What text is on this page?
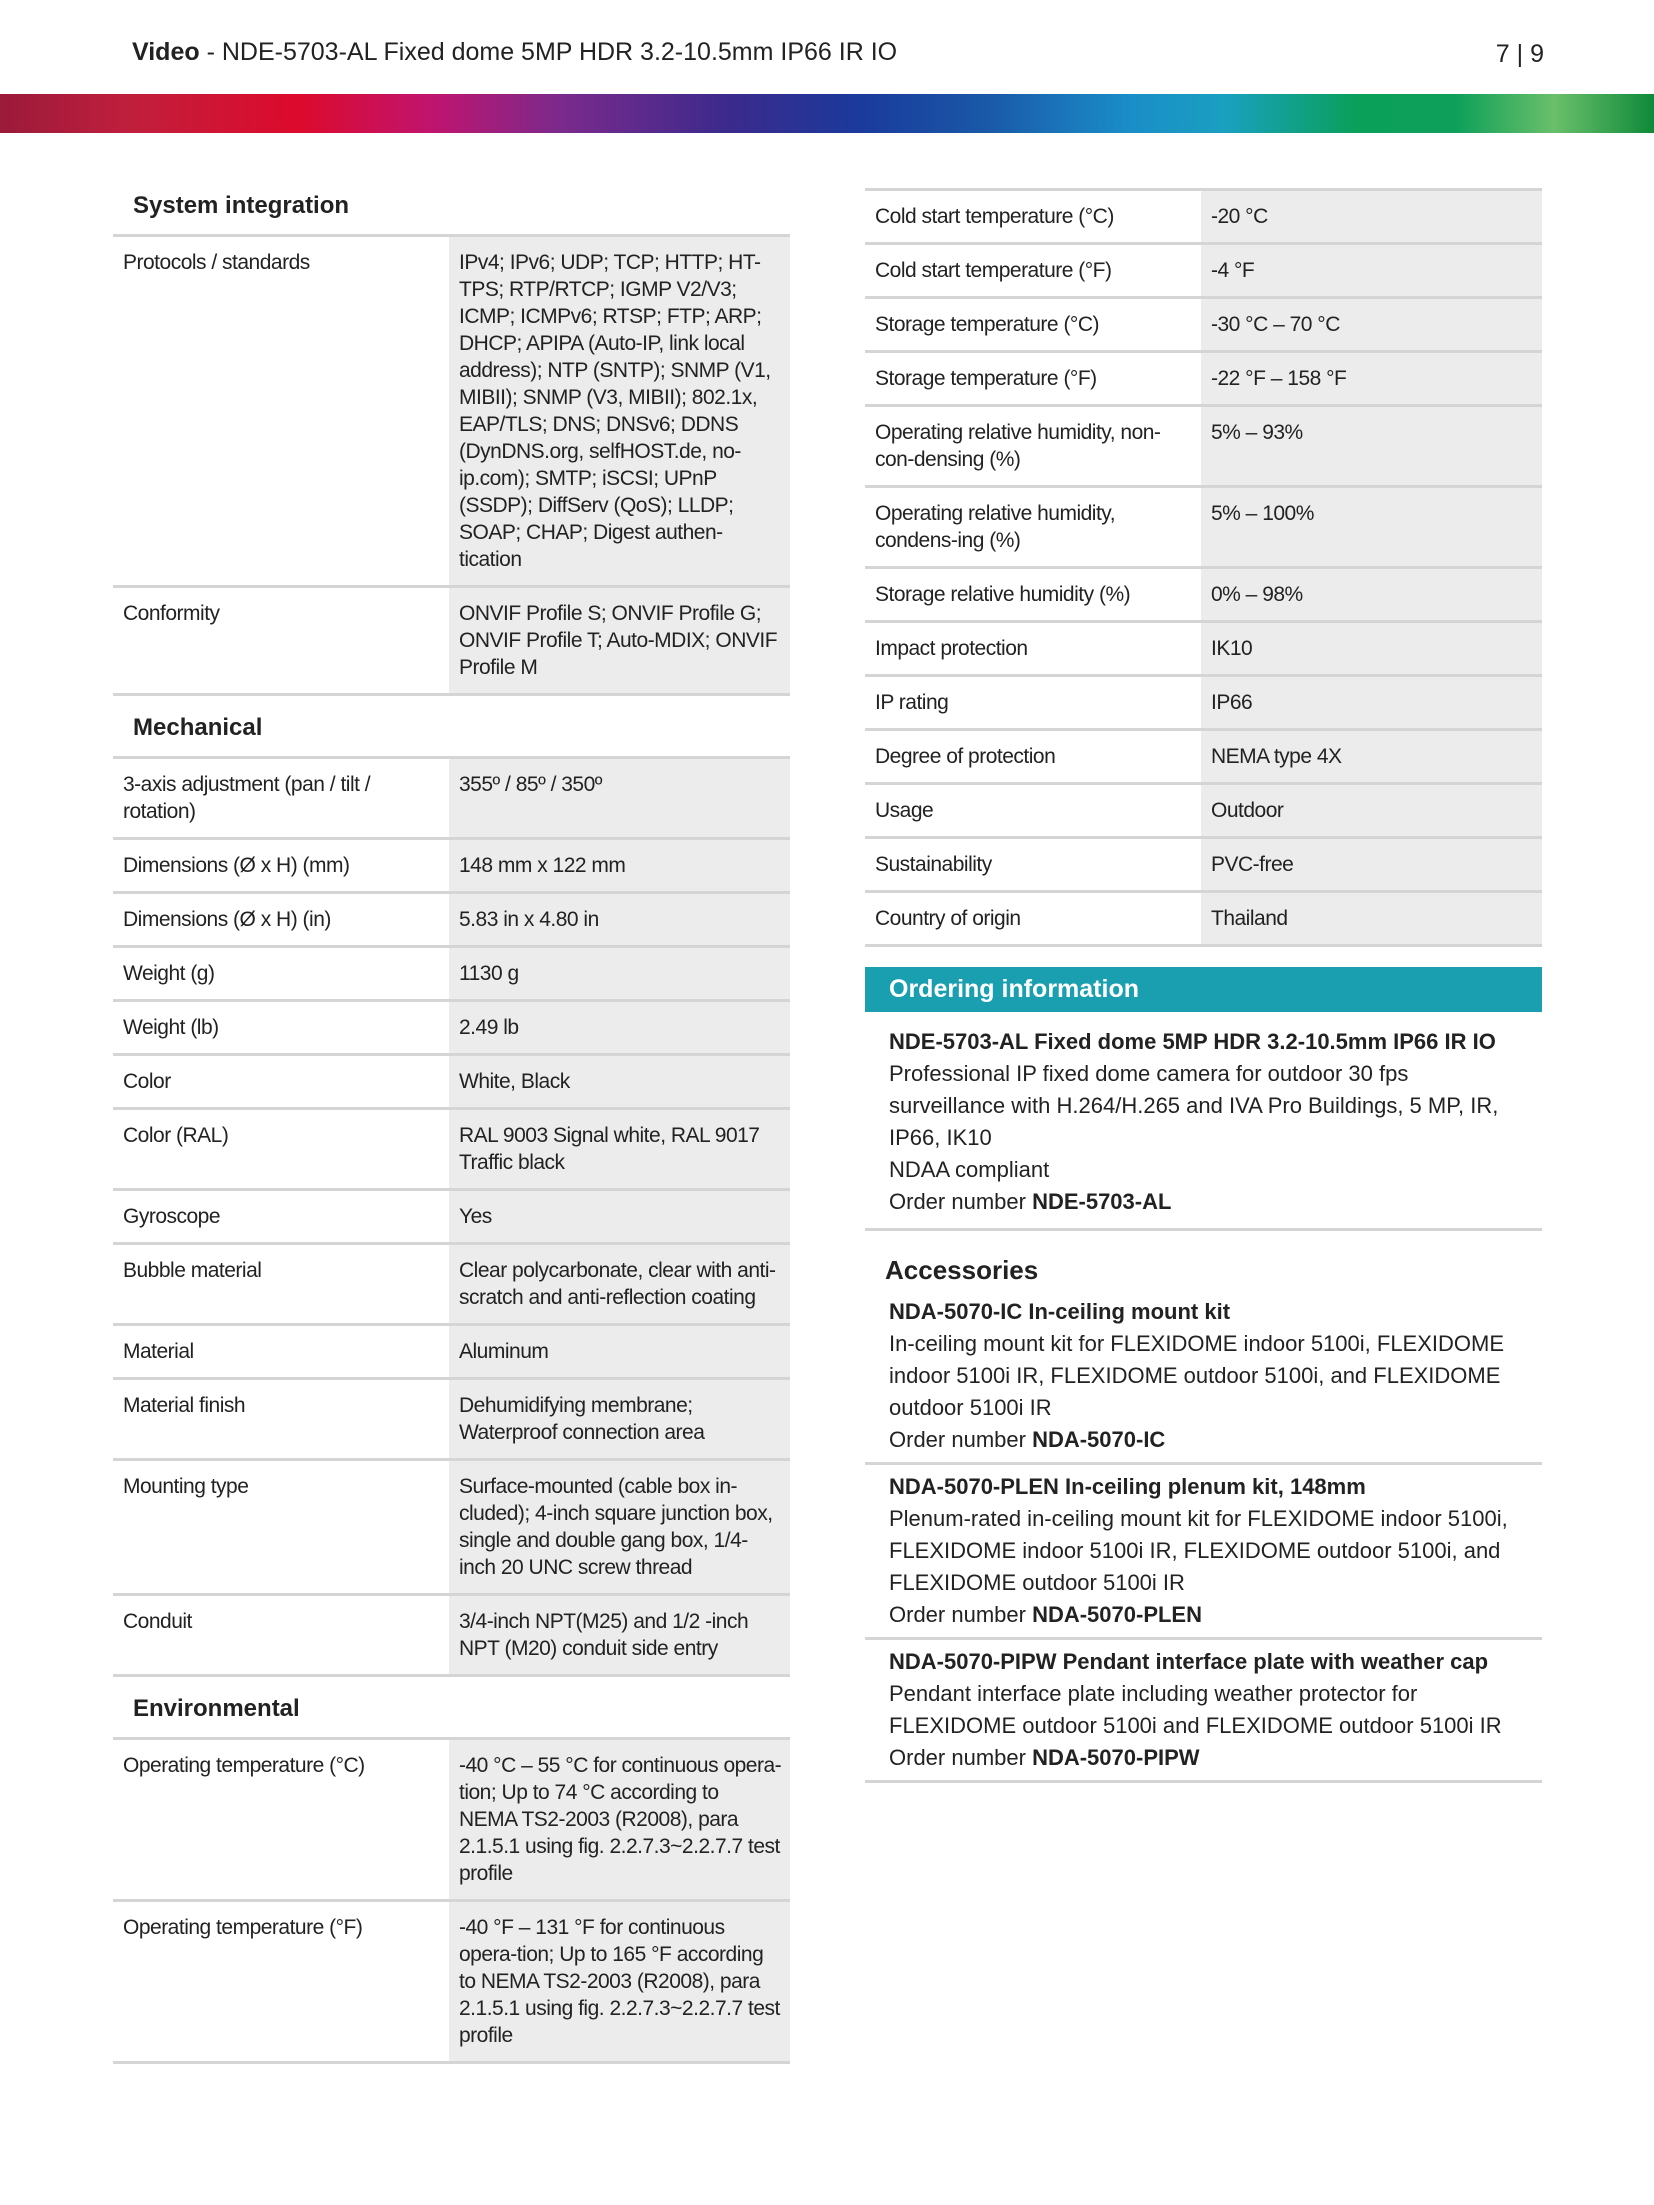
Video - NDE-5703-AL Fixed dome 5MP HDR 3.2-10.5mm IP66 IR IO	7 | 9
System integration
Protocols / standards	IPv4; IPv6; UDP; TCP; HTTP; HT-TPS; RTP/RTCP; IGMP V2/V3; ICMP; ICMPv6; RTSP; FTP; ARP; DHCP; APIPA (Auto-IP, link local address); NTP (SNTP); SNMP (V1, MIBII); SNMP (V3, MIBII); 802.1x, EAP/TLS; DNS; DNSv6; DDNS (DynDNS.org, selfHOST.de, no-ip.com); SMTP; iSCSI; UPnP (SSDP); DiffServ (QoS); LLDP; SOAP; CHAP; Digest authen-tication
Conformity	ONVIF Profile S; ONVIF Profile G; ONVIF Profile T; Auto-MDIX; ONVIF Profile M
Mechanical
3-axis adjustment (pan / tilt / rotation)	355º / 85º / 350º
Dimensions (Ø x H) (mm)	148 mm x 122 mm
Dimensions (Ø x H) (in)	5.83 in x 4.80 in
Weight (g)	1130 g
Weight (lb)	2.49 lb
Color	White, Black
Color (RAL)	RAL 9003 Signal white, RAL 9017 Traffic black
Gyroscope	Yes
Bubble material	Clear polycarbonate, clear with anti-scratch and anti-reflection coating
Material	Aluminum
Material finish	Dehumidifying membrane; Waterproof connection area
Mounting type	Surface-mounted (cable box in-cluded); 4-inch square junction box, single and double gang box, 1/4-inch 20 UNC screw thread
Conduit	3/4-inch NPT(M25) and 1/2 -inch NPT (M20) conduit side entry
Environmental
Operating temperature (°C)	-40 °C – 55 °C for continuous opera-tion; Up to 74 °C according to NEMA TS2-2003 (R2008), para 2.1.5.1 using fig. 2.2.7.3~2.2.7.7 test profile
Operating temperature (°F)	-40 °F – 131 °F for continuous opera-tion; Up to 165 °F according to NEMA TS2-2003 (R2008), para 2.1.5.1 using fig. 2.2.7.3~2.2.7.7 test profile
Cold start temperature (°C)	-20 °C
Cold start temperature (°F)	-4 °F
Storage temperature (°C)	-30 °C – 70 °C
Storage temperature (°F)	-22 °F – 158 °F
Operating relative humidity, non-con-densing (%)	5% – 93%
Operating relative humidity, condens-ing (%)	5% – 100%
Storage relative humidity (%)	0% – 98%
Impact protection	IK10
IP rating	IP66
Degree of protection	NEMA type 4X
Usage	Outdoor
Sustainability	PVC-free
Country of origin	Thailand
Ordering information
NDE-5703-AL Fixed dome 5MP HDR 3.2-10.5mm IP66 IR IO
Professional IP fixed dome camera for outdoor 30 fps surveillance with H.264/H.265 and IVA Pro Buildings, 5 MP, IR, IP66, IK10
NDAA compliant
Order number NDE-5703-AL
Accessories
NDA-5070-IC In-ceiling mount kit
In-ceiling mount kit for FLEXIDOME indoor 5100i, FLEXIDOME indoor 5100i IR, FLEXIDOME outdoor 5100i, and FLEXIDOME outdoor 5100i IR
Order number NDA-5070-IC
NDA-5070-PLEN In-ceiling plenum kit, 148mm
Plenum-rated in-ceiling mount kit for FLEXIDOME indoor 5100i, FLEXIDOME indoor 5100i IR, FLEXIDOME outdoor 5100i, and FLEXIDOME outdoor 5100i IR
Order number NDA-5070-PLEN
NDA-5070-PIPW Pendant interface plate with weather cap
Pendant interface plate including weather protector for FLEXIDOME outdoor 5100i and FLEXIDOME outdoor 5100i IR
Order number NDA-5070-PIPW
